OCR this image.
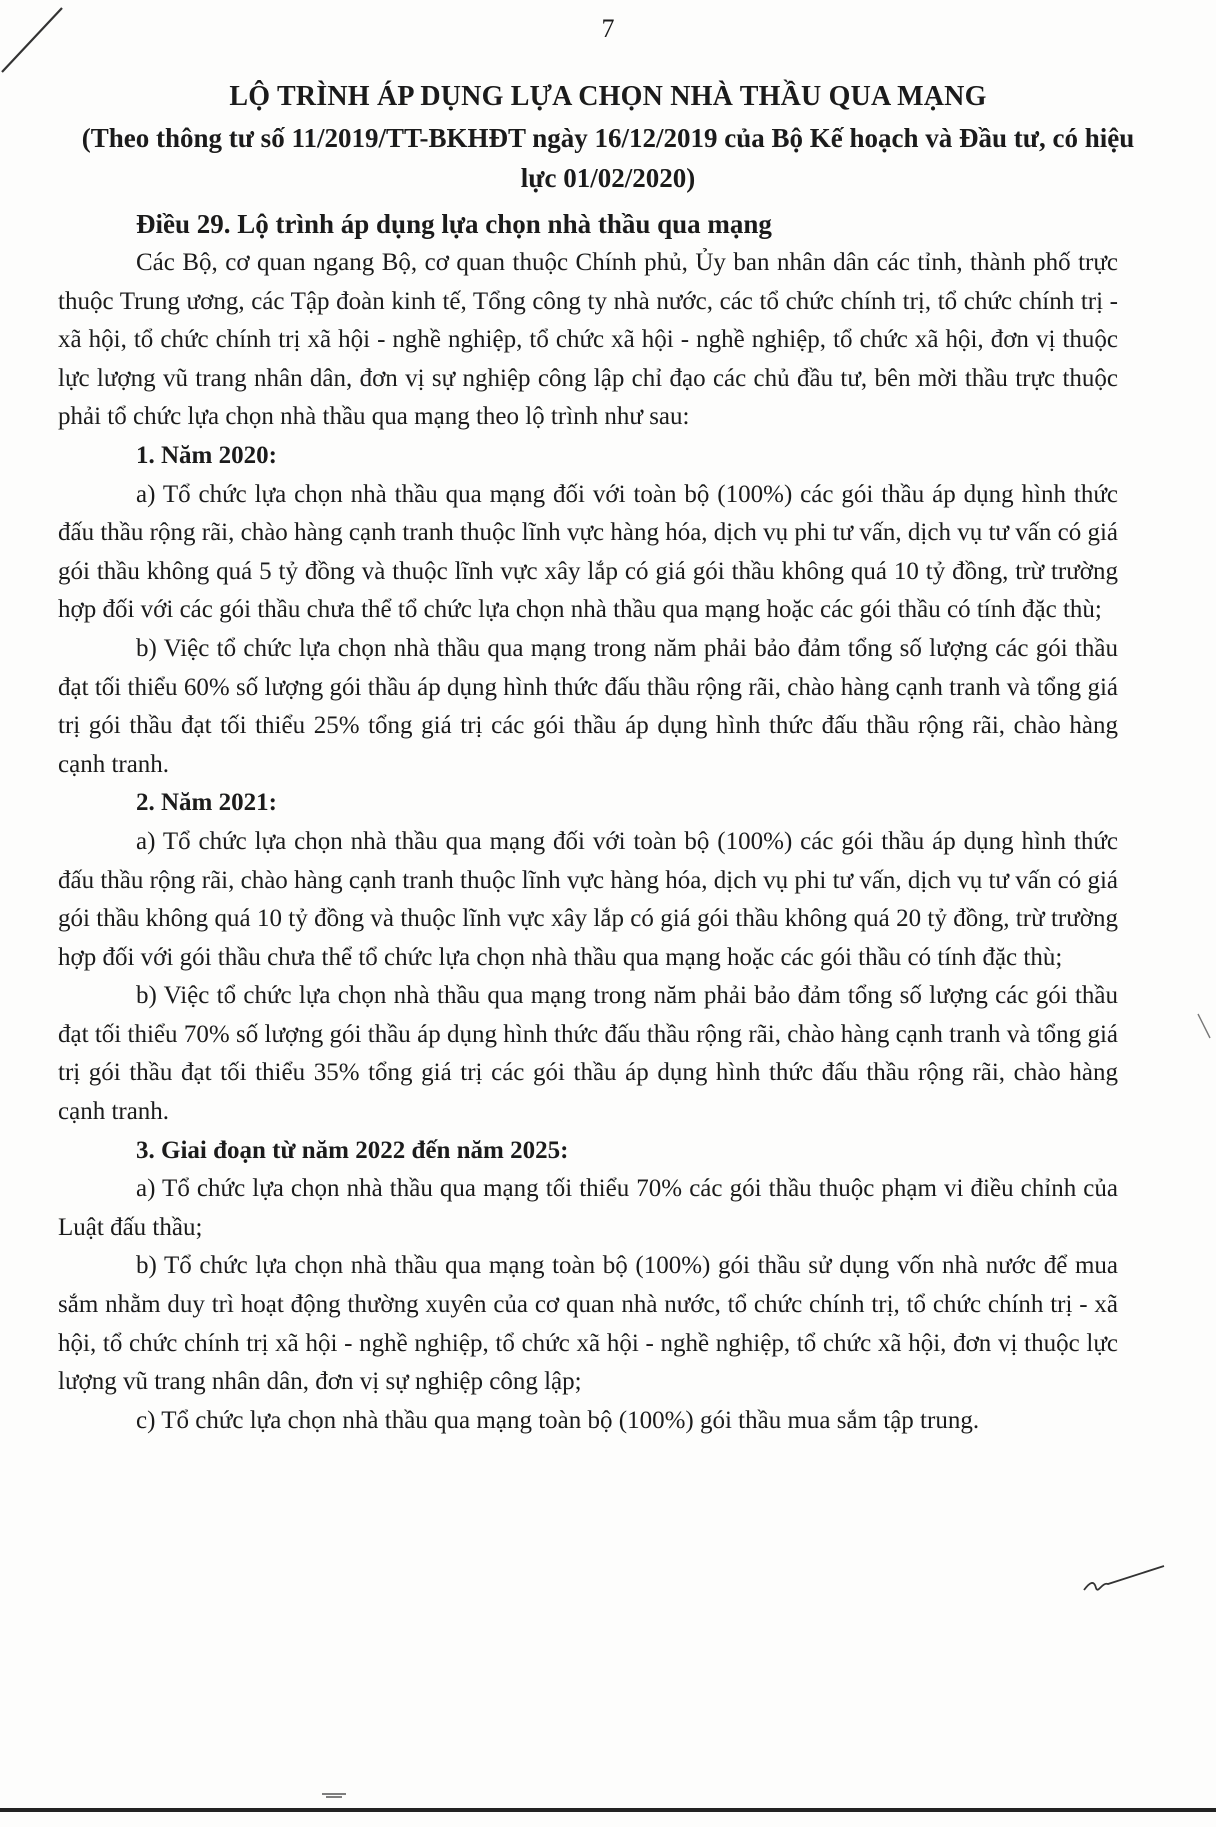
7
LỘ TRÌNH ÁP DỤNG LỰA CHỌN NHÀ THẦU QUA MẠNG
(Theo thông tư số 11/2019/TT-BKHĐT ngày 16/12/2019 của Bộ Kế hoạch và Đầu tư, có hiệu lực 01/02/2020)

Điều 29. Lộ trình áp dụng lựa chọn nhà thầu qua mạng

Các Bộ, cơ quan ngang Bộ, cơ quan thuộc Chính phủ, Ủy ban nhân dân các tỉnh, thành phố trực thuộc Trung ương, các Tập đoàn kinh tế, Tổng công ty nhà nước, các tổ chức chính trị, tổ chức chính trị - xã hội, tổ chức chính trị xã hội - nghề nghiệp, tổ chức xã hội - nghề nghiệp, tổ chức xã hội, đơn vị thuộc lực lượng vũ trang nhân dân, đơn vị sự nghiệp công lập chỉ đạo các chủ đầu tư, bên mời thầu trực thuộc phải tổ chức lựa chọn nhà thầu qua mạng theo lộ trình như sau:

1. Năm 2020:

a) Tổ chức lựa chọn nhà thầu qua mạng đối với toàn bộ (100%) các gói thầu áp dụng hình thức đấu thầu rộng rãi, chào hàng cạnh tranh thuộc lĩnh vực hàng hóa, dịch vụ phi tư vấn, dịch vụ tư vấn có giá gói thầu không quá 5 tỷ đồng và thuộc lĩnh vực xây lắp có giá gói thầu không quá 10 tỷ đồng, trừ trường hợp đối với các gói thầu chưa thể tổ chức lựa chọn nhà thầu qua mạng hoặc các gói thầu có tính đặc thù;

b) Việc tổ chức lựa chọn nhà thầu qua mạng trong năm phải bảo đảm tổng số lượng các gói thầu đạt tối thiểu 60% số lượng gói thầu áp dụng hình thức đấu thầu rộng rãi, chào hàng cạnh tranh và tổng giá trị gói thầu đạt tối thiểu 25% tổng giá trị các gói thầu áp dụng hình thức đấu thầu rộng rãi, chào hàng cạnh tranh.

2. Năm 2021:

a) Tổ chức lựa chọn nhà thầu qua mạng đối với toàn bộ (100%) các gói thầu áp dụng hình thức đấu thầu rộng rãi, chào hàng cạnh tranh thuộc lĩnh vực hàng hóa, dịch vụ phi tư vấn, dịch vụ tư vấn có giá gói thầu không quá 10 tỷ đồng và thuộc lĩnh vực xây lắp có giá gói thầu không quá 20 tỷ đồng, trừ trường hợp đối với gói thầu chưa thể tổ chức lựa chọn nhà thầu qua mạng hoặc các gói thầu có tính đặc thù;

b) Việc tổ chức lựa chọn nhà thầu qua mạng trong năm phải bảo đảm tổng số lượng các gói thầu đạt tối thiểu 70% số lượng gói thầu áp dụng hình thức đấu thầu rộng rãi, chào hàng cạnh tranh và tổng giá trị gói thầu đạt tối thiểu 35% tổng giá trị các gói thầu áp dụng hình thức đấu thầu rộng rãi, chào hàng cạnh tranh.

3. Giai đoạn từ năm 2022 đến năm 2025:

a) Tổ chức lựa chọn nhà thầu qua mạng tối thiểu 70% các gói thầu thuộc phạm vi điều chỉnh của Luật đấu thầu;

b) Tổ chức lựa chọn nhà thầu qua mạng toàn bộ (100%) gói thầu sử dụng vốn nhà nước để mua sắm nhằm duy trì hoạt động thường xuyên của cơ quan nhà nước, tổ chức chính trị, tổ chức chính trị - xã hội, tổ chức chính trị xã hội - nghề nghiệp, tổ chức xã hội - nghề nghiệp, tổ chức xã hội, đơn vị thuộc lực lượng vũ trang nhân dân, đơn vị sự nghiệp công lập;

c) Tổ chức lựa chọn nhà thầu qua mạng toàn bộ (100%) gói thầu mua sắm tập trung.
